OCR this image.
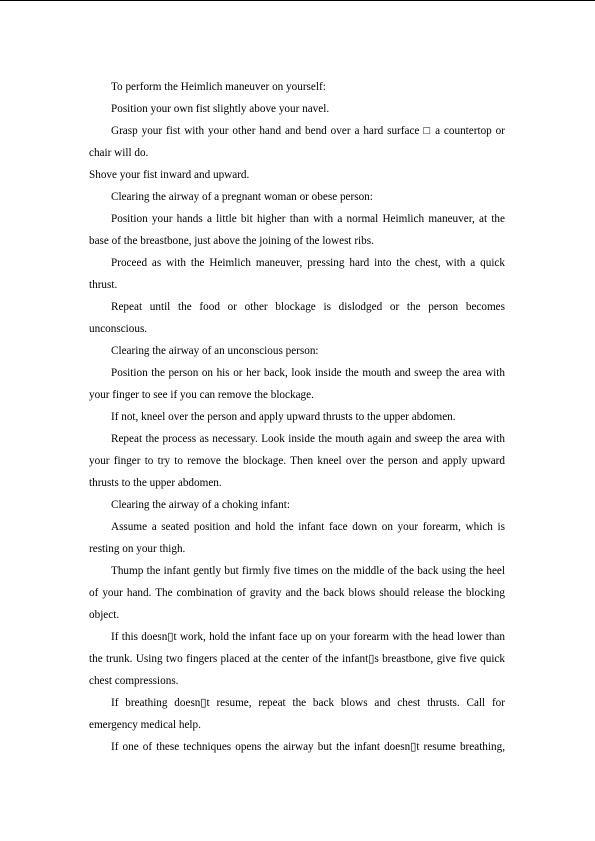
To perform the Heimlich maneuver on yourself:

Position your own fist slightly above your navel.

Grasp your fist with your other hand and bend over a hard surface □ a countertop or chair will do.

Shove your fist inward and upward.

Clearing the airway of a pregnant woman or obese person:

Position your hands a little bit higher than with a normal Heimlich maneuver, at the base of the breastbone, just above the joining of the lowest ribs.

Proceed as with the Heimlich maneuver, pressing hard into the chest, with a quick thrust.

Repeat until the food or other blockage is dislodged or the person becomes unconscious.

Clearing the airway of an unconscious person:

Position the person on his or her back, look inside the mouth and sweep the area with your finger to see if you can remove the blockage.

If not, kneel over the person and apply upward thrusts to the upper abdomen.

Repeat the process as necessary. Look inside the mouth again and sweep the area with your finger to try to remove the blockage. Then kneel over the person and apply upward thrusts to the upper abdomen.

Clearing the airway of a choking infant:

Assume a seated position and hold the infant face down on your forearm, which is resting on your thigh.

Thump the infant gently but firmly five times on the middle of the back using the heel of your hand. The combination of gravity and the back blows should release the blocking object.

If this doesn▯t work, hold the infant face up on your forearm with the head lower than the trunk. Using two fingers placed at the center of the infant▯s breastbone, give five quick chest compressions.

If breathing doesn▯t resume, repeat the back blows and chest thrusts. Call for emergency medical help.

If one of these techniques opens the airway but the infant doesn▯t resume breathing,
